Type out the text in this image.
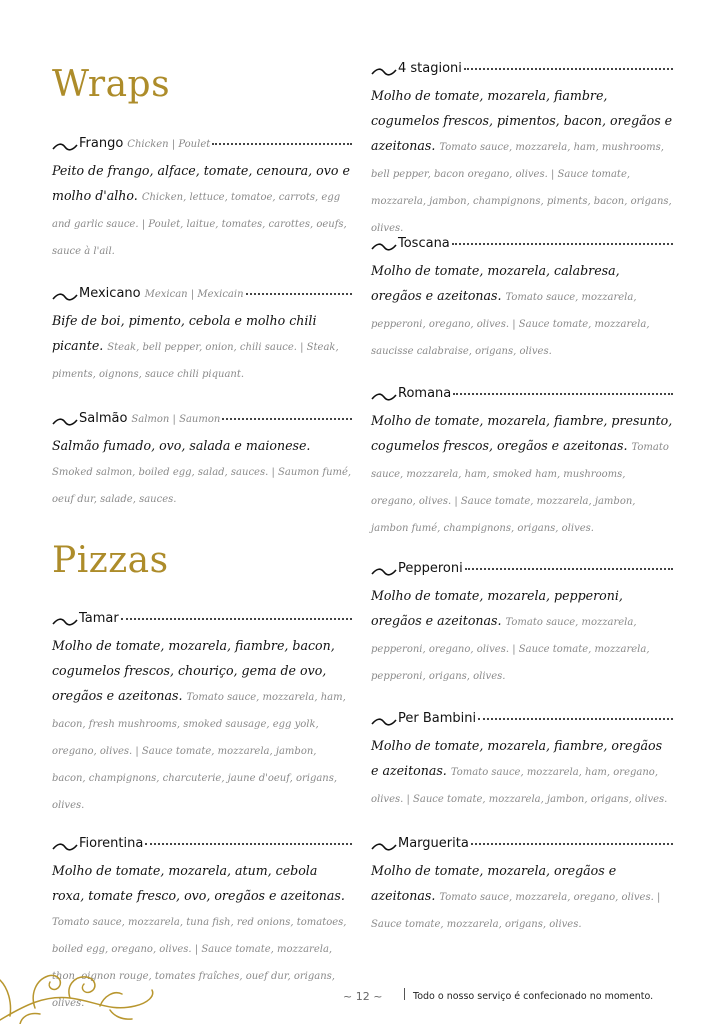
Wraps
Frango Chicken | Poulet

Peito de frango, alface, tomate, cenoura, ovo e molho d'alho. Chicken, lettuce, tomatoe, carrots, egg and garlic sauce. | Poulet, laitue, tomates, carottes, oeufs, sauce à l'ail.

Mexicano Mexican | Mexicain

Bife de boi, pimento, cebola e molho chili picante. Steak, bell pepper, onion, chili sauce. | Steak, piments, oignons, sauce chili piquant.

Salmão Salmon | Saumon

Salmão fumado, ovo, salada e maionese. Smoked salmon, boiled egg, salad, sauces. | Saumon fumé, oeuf dur, salade, sauces.

Pizzas
Tamar

Molho de tomate, mozarela, fiambre, bacon, cogumelos frescos, chouriço, gema de ovo, oregãos e azeitonas. Tomato sauce, mozzarela, ham, bacon, fresh mushrooms, smoked sausage, egg yolk, oregano, olives. | Sauce tomate, mozzarela, jambon, bacon, champignons, charcuterie, jaune d'oeuf, origans, olives.

Fiorentina

Molho de tomate, mozarela, atum, cebola roxa, tomate fresco, ovo, oregãos e azeitonas. Tomato sauce, mozzarela, tuna fish, red onions, tomatoes, boiled egg, oregano, olives. | Sauce tomate, mozzarela, thon, oignon rouge, tomates fraîches, ouef dur, origans, olives.

4 stagioni

Molho de tomate, mozarela, fiambre, cogumelos frescos, pimentos, bacon, oregãos e azeitonas. Tomato sauce, mozzarela, ham, mushrooms, bell pepper, bacon oregano, olives. | Sauce tomate, mozzarela, jambon, champignons, piments, bacon, origans, olives.

Toscana

Molho de tomate, mozarela, calabresa, oregãos e azeitonas. Tomato sauce, mozzarela, pepperoni, oregano, olives. | Sauce tomate, mozzarela, saucisse calabraise, origans, olives.

Romana

Molho de tomate, mozarela, fiambre, presunto, cogumelos frescos, oregãos e azeitonas. Tomato sauce, mozzarela, ham, smoked ham, mushrooms, oregano, olives. | Sauce tomate, mozzarela, jambon, jambon fumé, champignons, origans, olives.

Pepperoni

Molho de tomate, mozarela, pepperoni, oregãos e azeitonas. Tomato sauce, mozzarela, pepperoni, oregano, olives. | Sauce tomate, mozzarela, pepperoni, origans, olives.

Per Bambini

Molho de tomate, mozarela, fiambre, oregãos e azeitonas. Tomato sauce, mozzarela, ham, oregano, olives. | Sauce tomate, mozzarela, jambon, origans, olives.

Marguerita

Molho de tomate, mozarela, oregãos e azeitonas. Tomato sauce, mozzarela, oregano, olives. | Sauce tomate, mozzarela, origans, olives.

~ 12 ~	Todo o nosso serviço é confecionado no momento.
